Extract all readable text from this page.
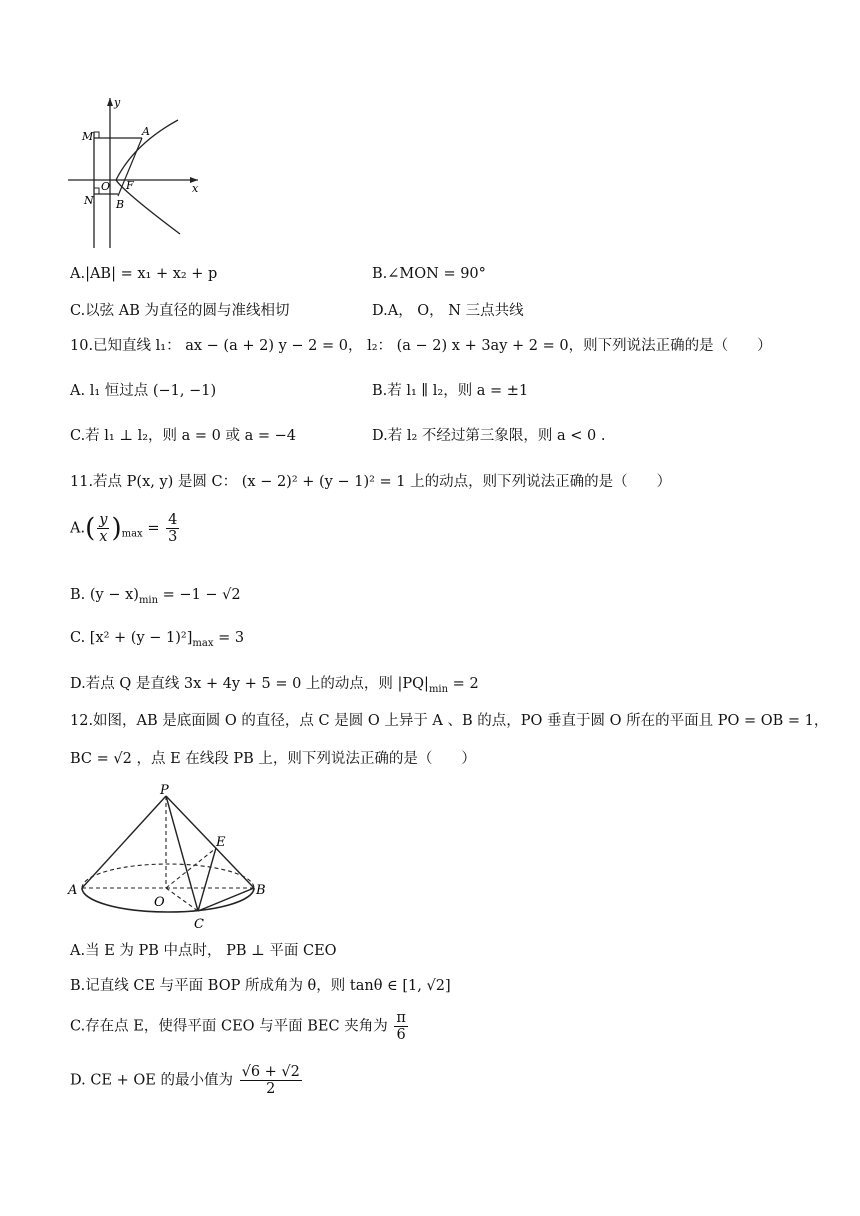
y
x
M	A
O F
N B
A.|AB| = x₁ + x₂ + p	B.∠MON = 90°
C.以弦 AB 为直径的圆与准线相切	D.A， O， N 三点共线
10.已知直线 l₁： ax − (a + 2) y − 2 = 0， l₂： (a − 2) x + 3ay + 2 = 0，则下列说法正确的是（　　）
A. l₁ 恒过点 (−1, −1)	B.若 l₁ ∥ l₂，则 a = ±1
C.若 l₁ ⊥ l₂，则 a = 0 或 a = −4	D.若 l₂ 不经过第三象限，则 a < 0 .
11.若点 P(x, y) 是圆 C： (x − 2)² + (y − 1)² = 1 上的动点，则下列说法正确的是（　　）
$A.( \frac{y}{x} )_{max} = \frac{4}{3}$
B. $(y - x)_{min} = -1 - √2$
C. $[x^2 + (y - 1)^2]_{max} = 3$
D.若点 Q 是直线 3x + 4y + 5 = 0 上的动点，则 $|PQ|_{min} = 2$
12.如图，AB 是底面圆 O 的直径，点 C 是圆 O 上异于 A 、B 的点，PO 垂直于圆 O 所在的平面且 PO = OB = 1，
BC = √2 ，点 E 在线段 PB 上，则下列说法正确的是（　　）
P
E
A	B
O
C
A.当 E 为 PB 中点时， PB ⊥ 平面 CEO
B.记直线 CE 与平面 BOP 所成角为 θ，则 tanθ ∈ [1, √2]
C.存在点 E，使得平面 CEO 与平面 BEC 夹角为 $\frac{\pi}{6}$
D. CE + OE 的最小值为 $\frac{√6 + √2}{2}$
